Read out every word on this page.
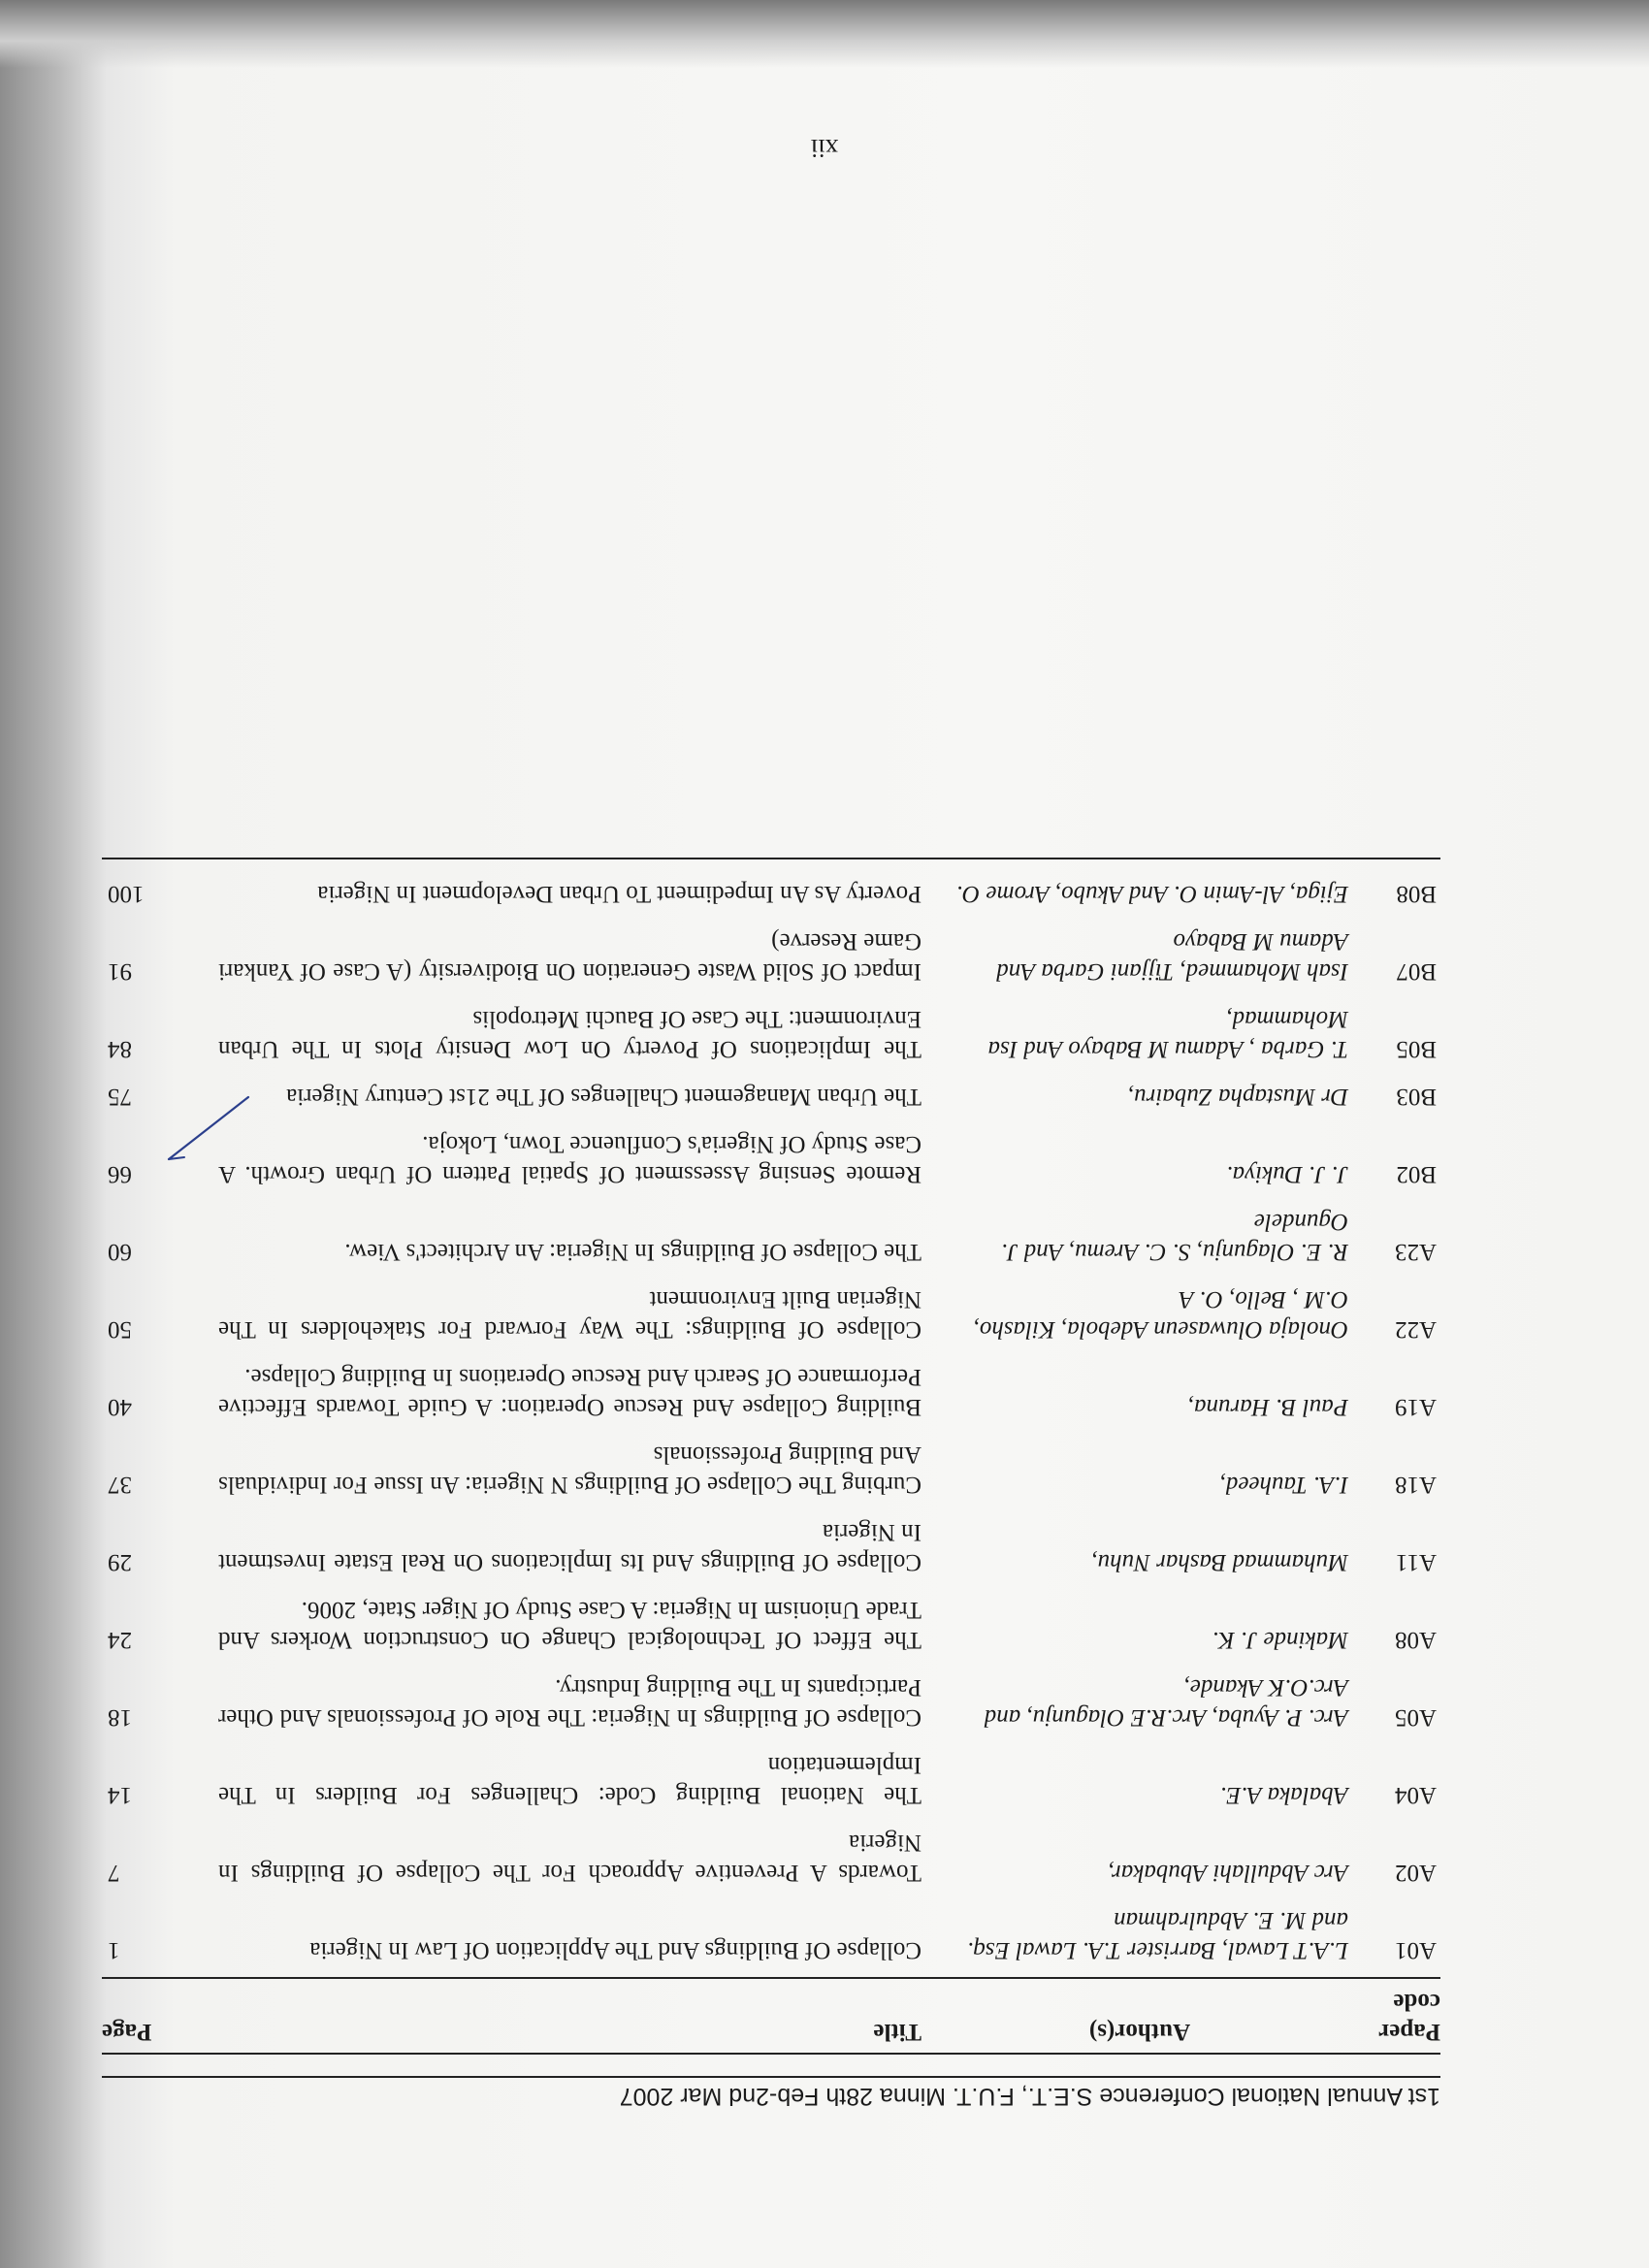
1st Annual National Conference S.E.T., F.U.T. Minna 28th Feb-2nd Mar 2007
Paper code	Author(s)	Title	Page
A01	L.A.T Lawal, Barrister T.A. Lawal Esq. and M. E. Abdulrahman	Collapse Of Buildings And The Application Of Law In Nigeria	1
A02	Arc Abdullahi Abubakar,	Towards A Preventive Approach For The Collapse Of Buildings In Nigeria	7
A04	Abalaka A.E.	The National Building Code: Challenges For Builders In The Implementation	14
A05	Arc. P. Ayuba, Arc.R.E Olagunju, and Arc.O.K Akande,	Collapse Of Buildings In Nigeria: The Role Of Professionals And Other Participants In The Building Industry.	18
A08	Makinde J. K.	The Effect Of Technological Change On Construction Workers And Trade Unionism In Nigeria: A Case Study Of Niger State, 2006.	24
A11	Muhammad Bashar Nuhu,	Collapse Of Buildings And Its Implications On Real Estate Investment In Nigeria	29
A18	I.A. Tauheed,	Curbing The Collapse Of Buildings N Nigeria: An Issue For Individuals And Building Professionals	37
A19	Paul B. Haruna,	Building Collapse And Rescue Operation: A Guide Towards Effective Performance Of Search And Rescue Operations In Building Collapse.	40
A22	Onolaja Oluwaseun Adebola, Kilasho, O.M , Bello, O. A	Collapse Of Buildings: The Way Forward For Stakeholders In The Nigerian Built Environment	50
A23	R. E. Olagunju, S. C. Aremu, And J. Ogundele	The Collapse Of Buildings In Nigeria: An Architect's View.	60
B02	J. J. Dukiya.	Remote Sensing Assessment Of Spatial Pattern Of Urban Growth. A Case Study Of Nigeria's Confluence Town, Lokoja.	66
B03	Dr Mustapha Zubairu,	The Urban Management Challenges Of The 21st Century Nigeria	75
B05	T. Garba , Adamu M Babayo And Isa Mohammad,	The Implications Of Poverty On Low Density Plots In The Urban Environment: The Case Of Bauchi Metropolis	84
B07	Isah Mohammed, Tijjani Garba And Adamu M Babayo	Impact Of Solid Waste Generation On Biodiversity (A Case Of Yankari Game Reserve)	91
B08	Ejiga, Al-Amin O. And Akubo, Arome O.	Poverty As An Impediment To Urban Development In Nigeria	100
xii
